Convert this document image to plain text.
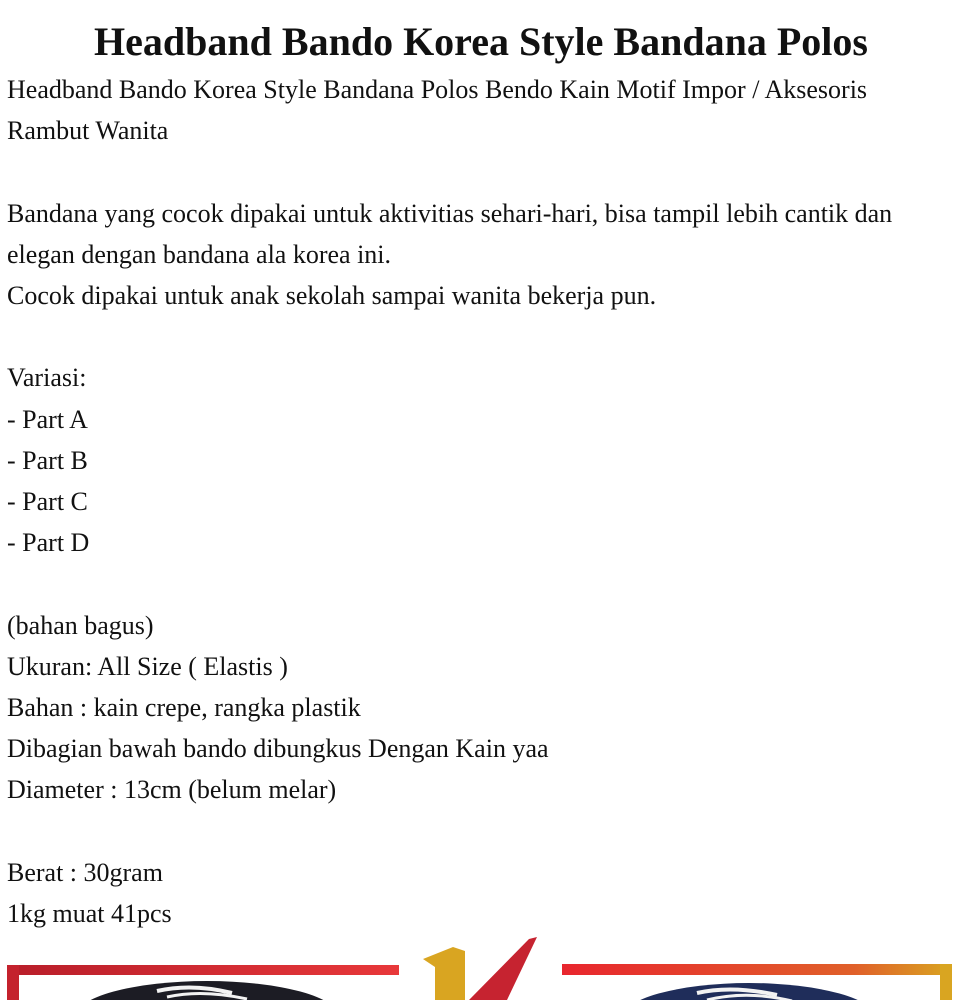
Headband Bando Korea Style Bandana Polos

Headband Bando Korea Style Bandana Polos Bendo Kain Motif Impor / Aksesoris Rambut Wanita

Bandana yang cocok dipakai untuk aktivitias sehari-hari, bisa tampil lebih cantik dan elegan dengan bandana ala korea ini.

Cocok dipakai untuk anak sekolah sampai wanita bekerja pun.

Variasi:

- Part A

- Part B

- Part C

- Part D

(bahan bagus)

Ukuran: All Size ( Elastis )

Bahan : kain crepe, rangka plastik

Dibagian bawah bando dibungkus Dengan Kain yaa

Diameter : 13cm (belum melar)

Berat : 30gram

1kg muat 41pcs
